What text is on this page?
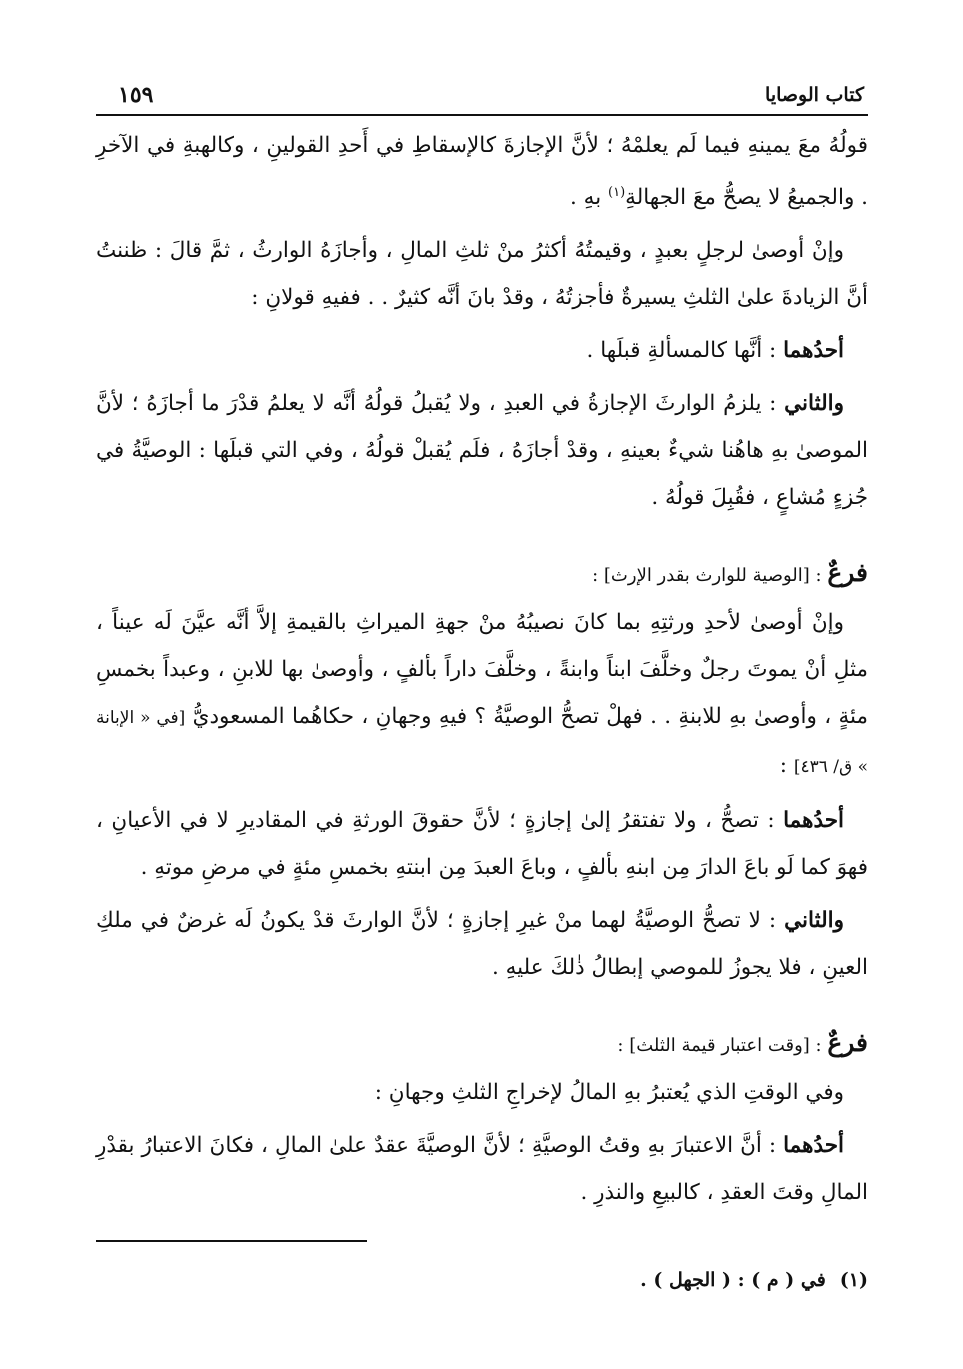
كتاب الوصايا
١٥٩

قولُهُ معَ يمينهِ فيما لَم يعلمْهُ ؛ لأنَّ الإجازةَ كالإسقاطِ في أَحدِ القولينِ ، وكالهبةِ في الآخرِ . والجميعُ لا يصحُّ معَ الجهالةِ$^{(١)}$ بهِ .

وإنْ أوصىٰ لرجلٍ بعبدٍ ، وقيمتُهُ أكثرُ منْ ثلثِ المالِ ، وأجازَهُ الوارثُ ، ثمَّ قالَ : ظننتُ أنَّ الزيادةَ علىٰ الثلثِ يسيرةٌ فأجزتُهُ ، وقدْ بانَ أنَّه كثيرٌ . . ففيهِ قولانِ :

أحدُهما : أنَّها كالمسألةِ قبلَها .

والثاني : يلزمُ الوارثَ الإجازةُ في العبدِ ، ولا يُقبلُ قولُهُ أنَّه لا يعلمُ قدْرَ ما أجازَهُ ؛ لأنَّ الموصىٰ بهِ هاهُنا شيءٌ بعينهِ ، وقدْ أجازَهُ ، فلَم يُقبلْ قولُهُ ، وفي التي قبلَها : الوصيَّةُ في جُزءٍ مُشاعٍ ، فقُبِلَ قولُهُ .

فرعٌ : [الوصية للوارث بقدر الإرث] :

وإنْ أوصىٰ لأحدِ ورثتِهِ بما كانَ نصيبُهُ منْ جهةِ الميراثِ بالقيمةِ إلاَّ أنَّه عيَّنَ لَه عيناً ، مثلِ أنْ يموتَ رجلٌ وخلَّفَ ابناً وابنةً ، وخلَّفَ داراً بألفٍ ، وأوصىٰ بها للابنِ ، وعبداً بخمسِ مئةٍ ، وأوصىٰ بهِ للابنةِ . . فهلْ تصحُّ الوصيَّةُ ؟ فيهِ وجهانِ ، حكاهُما المسعوديُّ [في « الإبانة » ق/ ٤٣٦] :

أحدُهما : تصحُّ ، ولا تفتقرُ إلىٰ إجازةٍ ؛ لأنَّ حقوقَ الورثةِ في المقاديرِ لا في الأعيانِ ، فهوَ كما لَو باعَ الدارَ مِن ابنهِ بألفٍ ، وباعَ العبدَ مِن ابنتهِ بخمسِ مئةٍ في مرضِ موتهِ .

والثاني : لا تصحُّ الوصيَّةُ لهما منْ غيرِ إجازةٍ ؛ لأنَّ الوارثَ قدْ يكونُ لَه غرضٌ في ملكِ العينِ ، فلا يجوزُ للموصي إبطالُ ذٰلكَ عليهِ .

فرعٌ : [وقت اعتبار قيمة الثلث] :

وفي الوقتِ الذي يُعتبرُ بهِ المالُ لإخراجِ الثلثِ وجهانِ :

أحدُهما : أنَّ الاعتبارَ بهِ وقتُ الوصيَّةِ ؛ لأنَّ الوصيَّةَ عقدٌ علىٰ المالِ ، فكانَ الاعتبارُ بقدْرِ المالِ وقتَ العقدِ ، كالبيعِ والنذرِ .

(١)في ( م ) : ( الجهل ) .
